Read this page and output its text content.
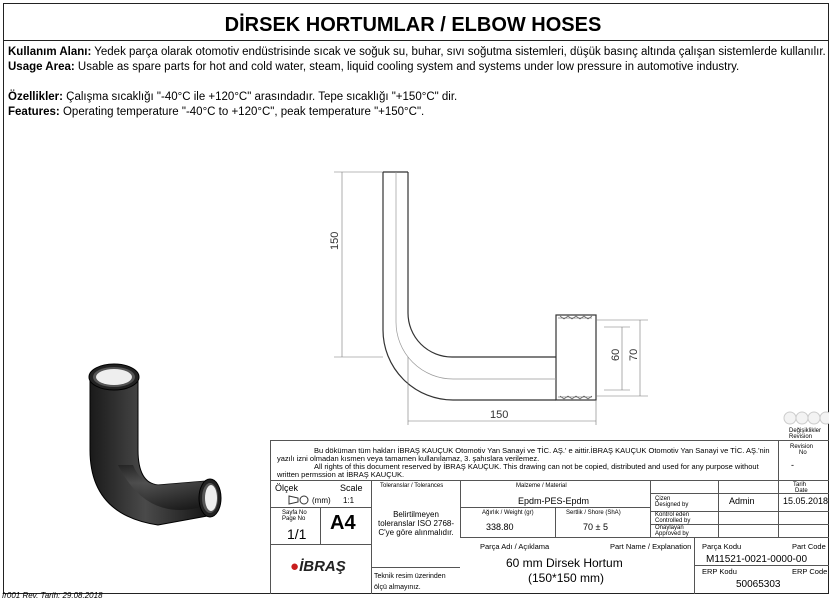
DİRSEK HORTUMLAR / ELBOW HOSES
Kullanım Alanı: Yedek parça olarak otomotiv endüstrisinde sıcak ve soğuk su, buhar, sıvı soğutma sistemleri, düşük basınç altında çalışan sistemlerde kullanılır.
Usage Area: Usable as spare parts for hot and cold water, steam, liquid cooling system and systems under low pressure in automotive industry.
Özellikler: Çalışma sıcaklığı "-40°C ile +120°C" arasındadır. Tepe sıcaklığı "+150°C" dir.
Features: Operating temperature "-40°C to +120°C", peak temperature "+150°C".
150
150
60 70
Değişiklikler
Revision
Bu döküman tüm hakları İBRAŞ KAUÇUK Otomotiv Yan Sanayi ve TİC. AŞ.' e aittir.İBRAŞ KAUÇUK Otomotiv Yan Sanayi ve TİC. AŞ.'nin
yazılı izni olmadan kısmen veya tamamen kullanılamaz, 3. şahıslara verilemez.
All rights of this document reserved by İBRAŞ KAUÇUK. This drawing can not be copied, distributed and used for any purpose without
written permssion at İBRAŞ KAUÇUK.
Revision
No
-
Ölçek	Scale
(mm) 1:1
Toleranslar / Tolerances	Malzeme / Material
Epdm-PES-Epdm
Tarih
Date
Çizen
Designed by	Admin	15.05.2018
Sayfa No
Page No
1/1 A4	Belirtilmeyen toleranslar ISO 2768-C'ye göre alınmalıdır.
Ağırlık / Weight (gr)	Sertlik / Shore (ShA)
338.80	70 ± 5
Kontrol eden
Controlled by
Onaylayan
Approved by
Parça Adı / Açıklama	Part Name / Explanation
60 mm Dirsek Hortum
(150*150 mm)
Parça Kodu	Part Code
M11521-0021-0000-00
ERP Kodu	ERP Code
50065303
●İBRAŞ
Teknik resim üzerinden ölçü almayınız.
fr001 Rev. Tarih: 29.08.2018
